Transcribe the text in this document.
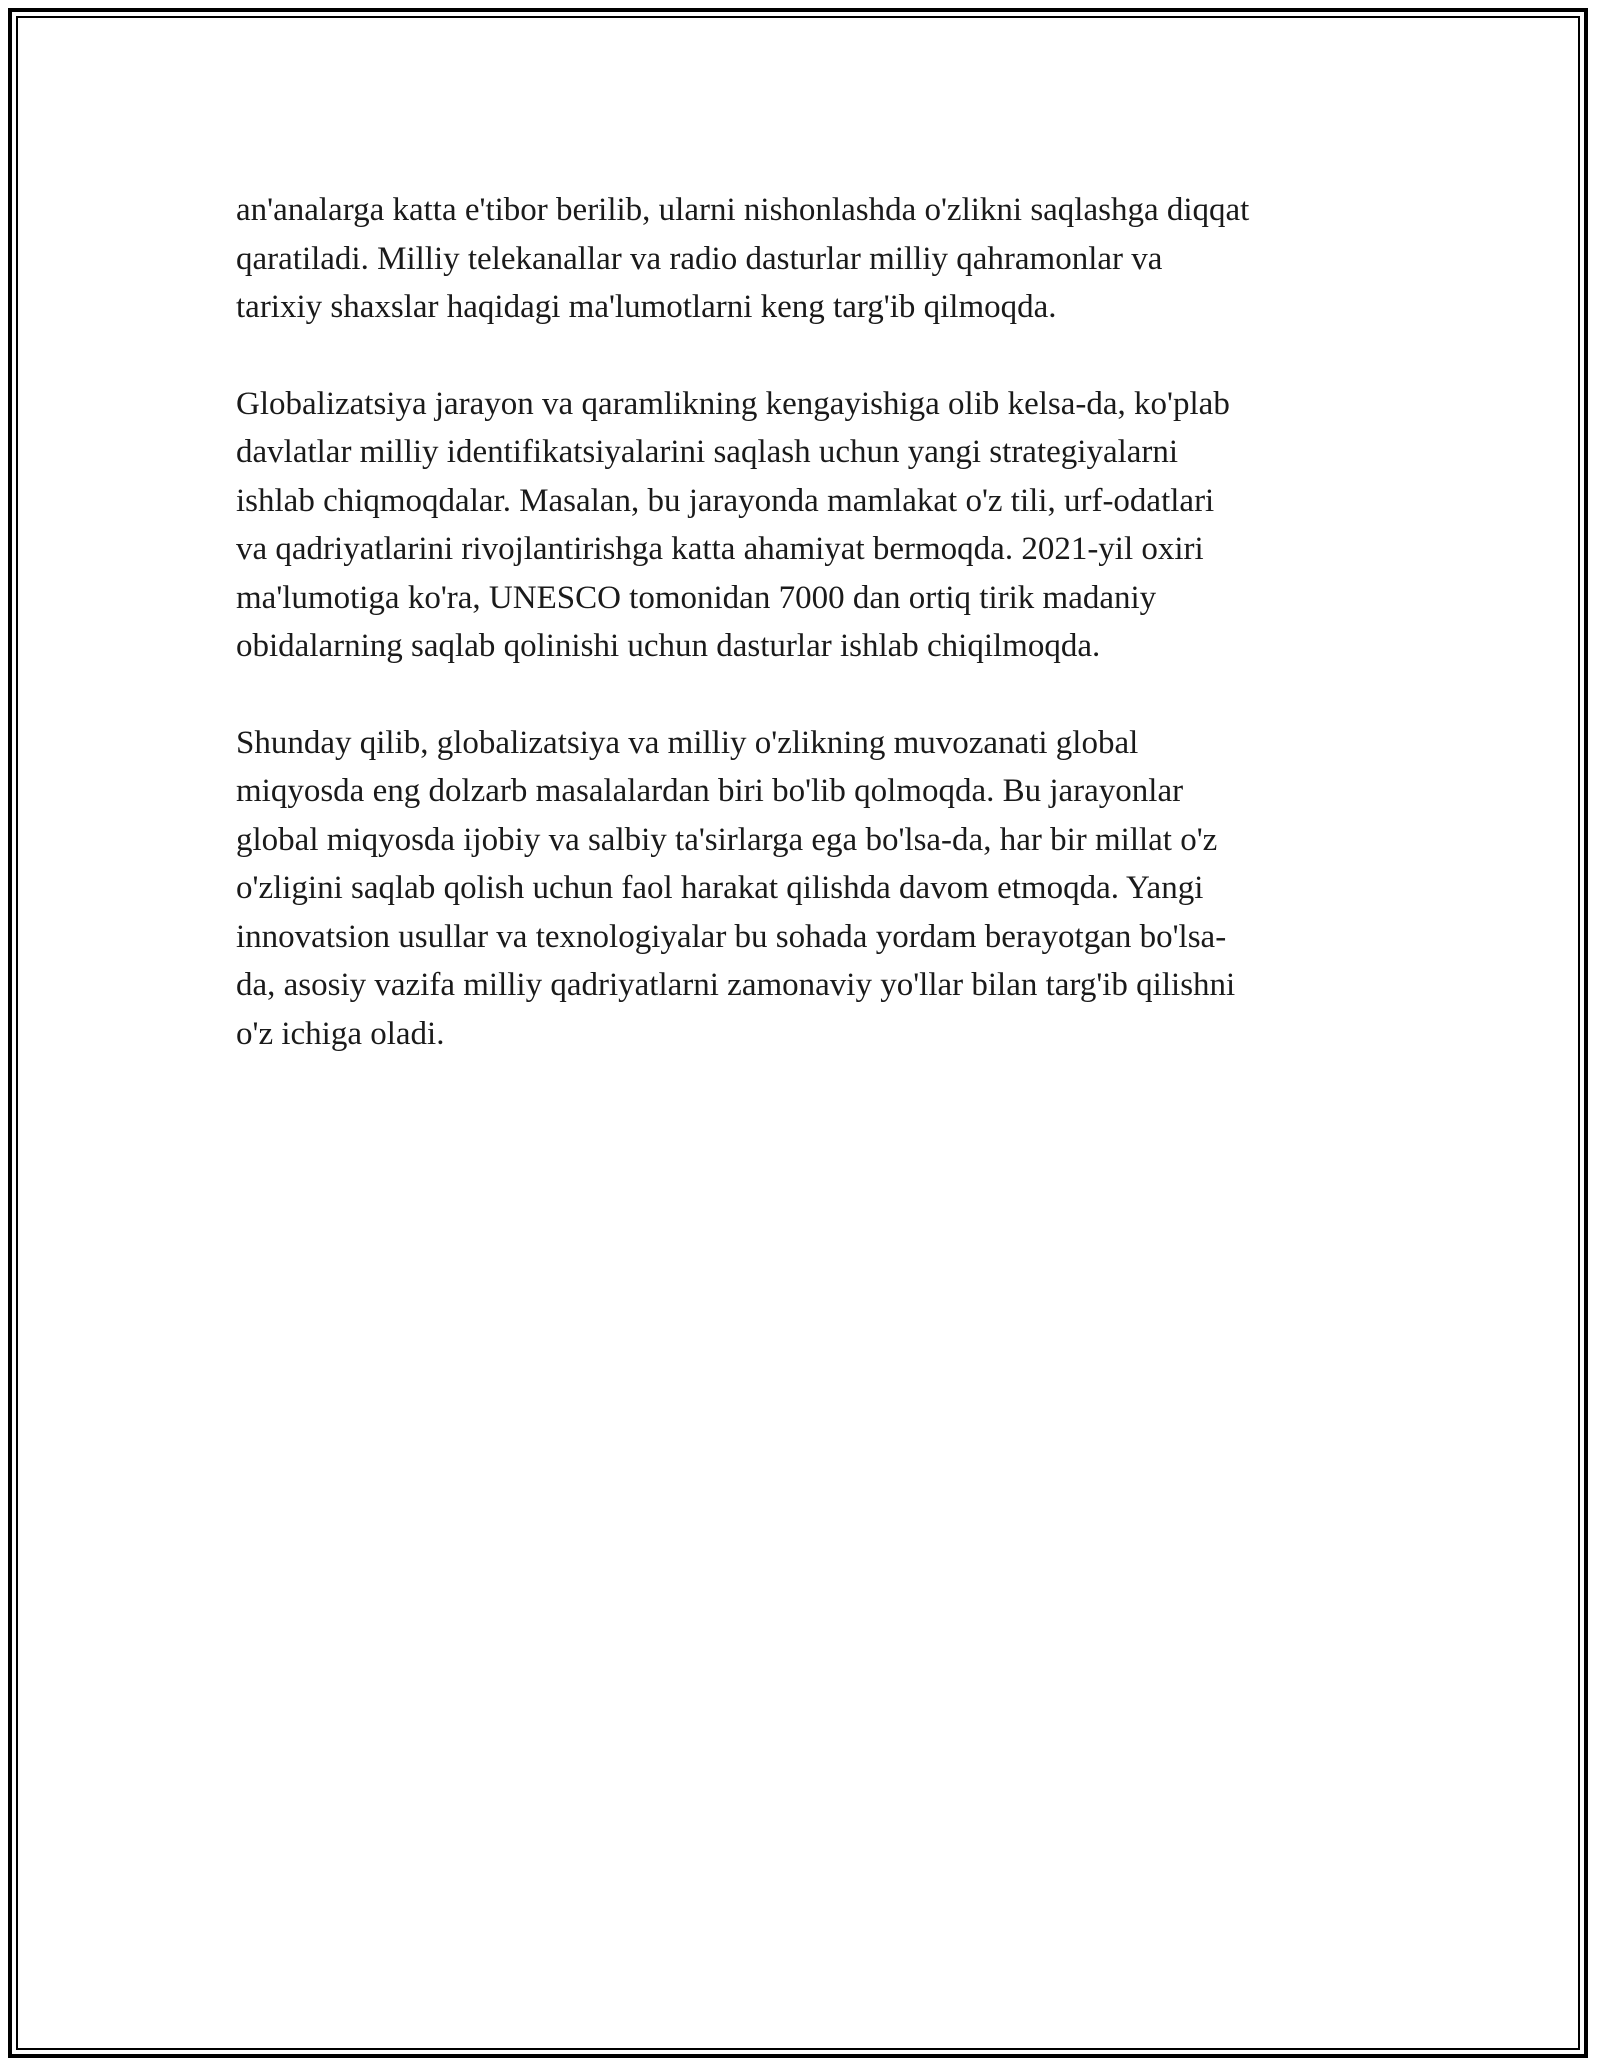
an'analarga katta e'tibor berilib, ularni nishonlashda o'zlikni saqlashga diqqat
qaratiladi. Milliy telekanallar va radio dasturlar milliy qahramonlar va
tarixiy shaxslar haqidagi ma'lumotlarni keng targ'ib qilmoqda.

Globalizatsiya jarayon va qaramlikning kengayishiga olib kelsa-da, ko'plab
davlatlar milliy identifikatsiyalarini saqlash uchun yangi strategiyalarni
ishlab chiqmoqdalar. Masalan, bu jarayonda mamlakat o'z tili, urf-odatlari
va qadriyatlarini rivojlantirishga katta ahamiyat bermoqda. 2021-yil oxiri
ma'lumotiga ko'ra, UNESCO tomonidan 7000 dan ortiq tirik madaniy
obidalarning saqlab qolinishi uchun dasturlar ishlab chiqilmoqda.

Shunday qilib, globalizatsiya va milliy o'zlikning muvozanati global
miqyosda eng dolzarb masalalardan biri bo'lib qolmoqda. Bu jarayonlar
global miqyosda ijobiy va salbiy ta'sirlarga ega bo'lsa-da, har bir millat o'z
o'zligini saqlab qolish uchun faol harakat qilishda davom etmoqda. Yangi
innovatsion usullar va texnologiyalar bu sohada yordam berayotgan bo'lsa-
da, asosiy vazifa milliy qadriyatlarni zamonaviy yo'llar bilan targ'ib qilishni
o'z ichiga oladi.
